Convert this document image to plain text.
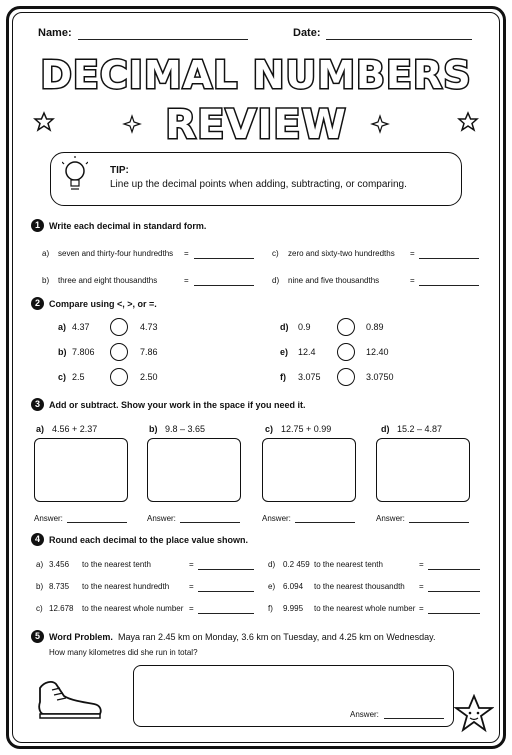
Name:	Date:
DECIMAL NUMBERS
REVIEW
TIP:
Line up the decimal points when adding, subtracting, or comparing.
1	Write each decimal in standard form.
a) seven and thirty-four hundredths =	c) zero and sixty-two hundredths =
b) three and eight thousandths	=	d) nine and five thousandths	=
2	Compare using <, >, or =.
a) 4.37	4.73	d) 0.9	0.89
b) 7.806	7.86	e) 12.4	12.40
c) 2.5	2.50	f) 3.075	3.0750
3	Add or subtract. Show your work in the space if you need it.
a) 4.56 + 2.37
Answer:
b) 9.8 – 3.65
Answer:
c) 12.75 + 0.99
Answer:
d) 15.2 – 4.87
Answer:
4	Round each decimal to the place value shown.
a) 3.456 to the nearest tenth	=	d) 0.2 459 to the nearest tenth	=
b) 8.735 to the nearest hundredth =	e) 6.094 to the nearest thousandth =
c) 12.678 to the nearest whole number =	f) 9.995 to the nearest whole number =
5	Word Problem. Maya ran 2.45 km on Monday, 3.6 km on Tuesday, and 4.25 km on Wednesday.
How many kilometres did she run in total?
Answer:
